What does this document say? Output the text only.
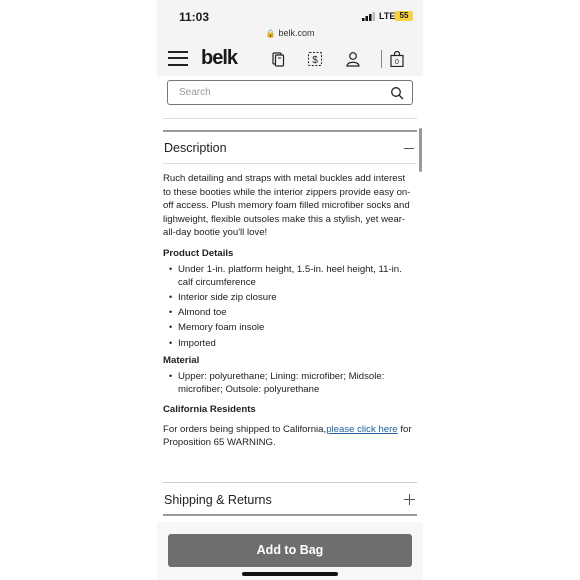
11:03	LTE 55
🔒 belk.com
belk	$	0
Search
Description

Ruch detailing and straps with metal buckles add interest to these booties while the interior zippers provide easy on-off access. Plush memory foam filled microfiber socks and lighweight, flexible outsoles make this a stylish, yet wear-all-day bootie you'll love!

Product Details

• Under 1-in. platform height, 1.5-in. heel height, 11-in. calf circumference
• Interior side zip closure
• Almond toe
• Memory foam insole
• Imported

Material

• Upper: polyurethane; Lining: microfiber; Midsole: microfiber; Outsole: polyurethane

California Residents

For orders being shipped to California,please click here for Proposition 65 WARNING.

Shipping & Returns
Add to Bag
